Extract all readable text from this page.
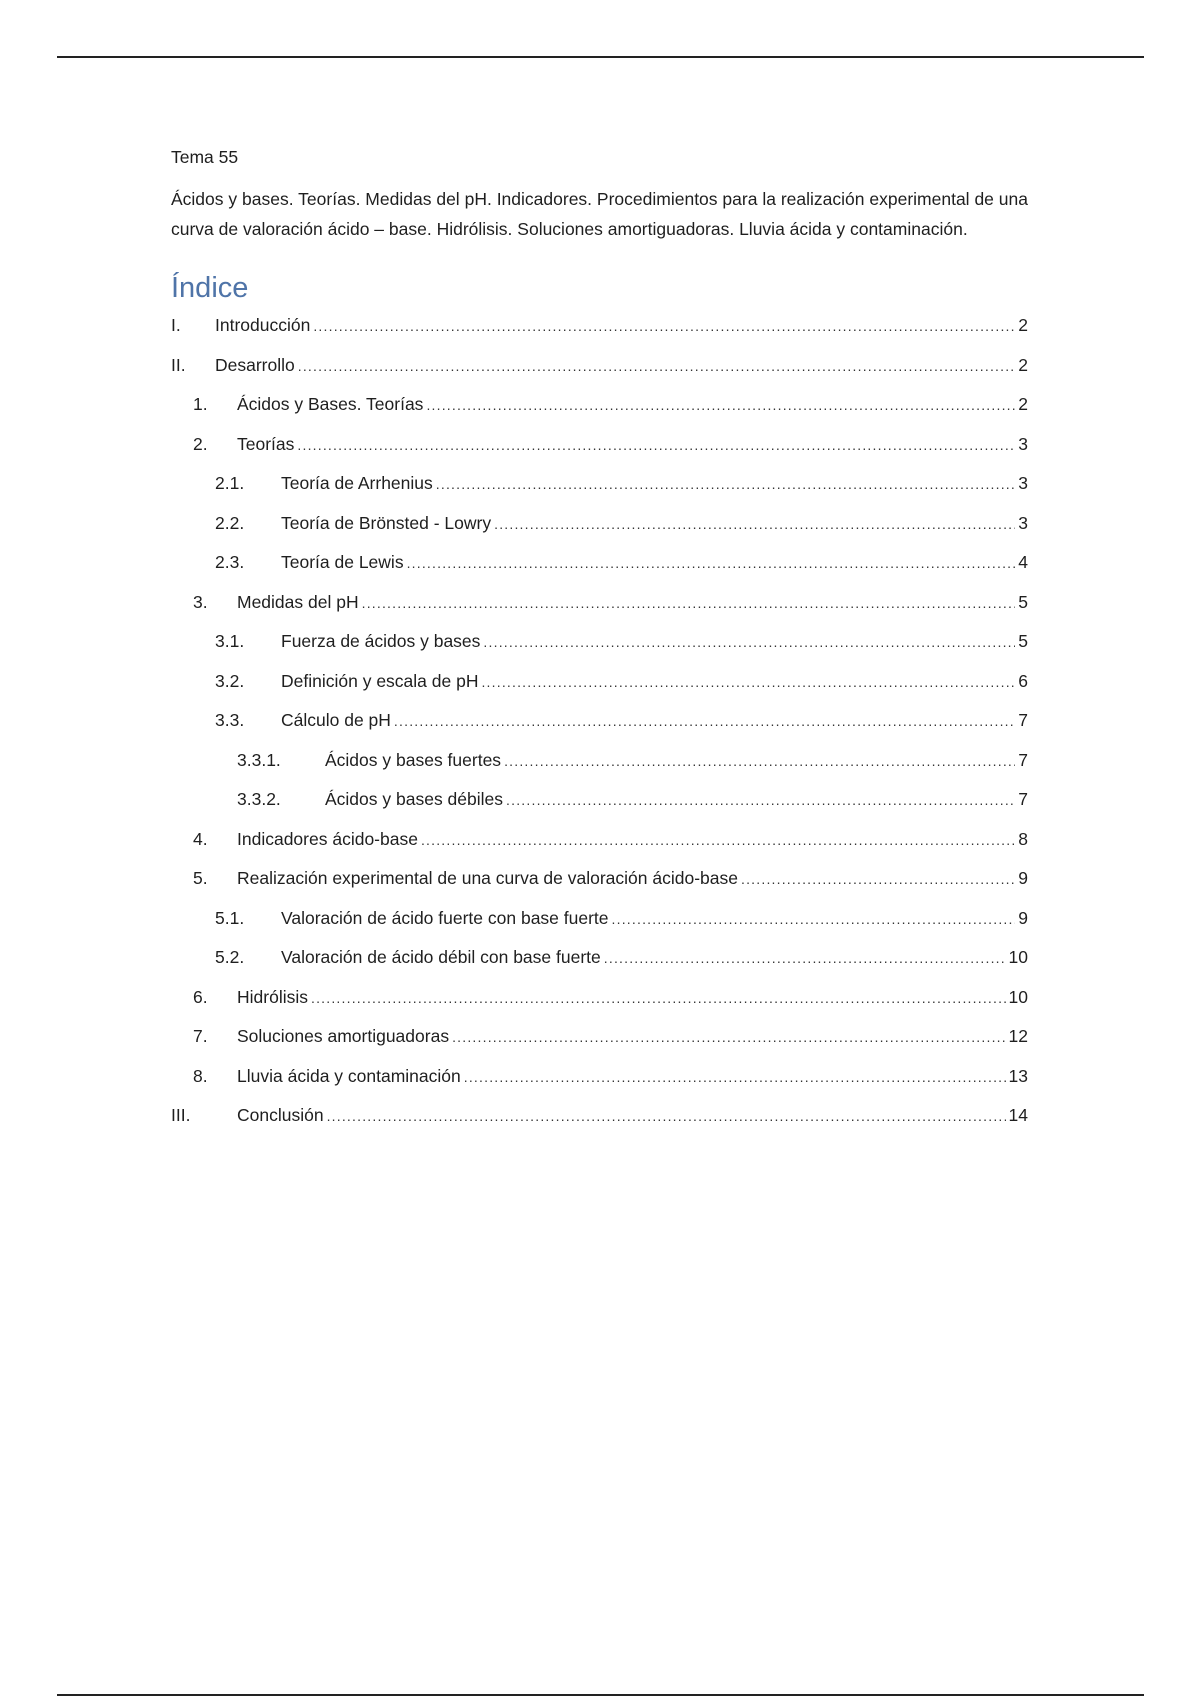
Tema 55

Ácidos y bases. Teorías. Medidas del pH. Indicadores. Procedimientos para la realización experimental de una curva de valoración ácido – base. Hidrólisis. Soluciones amortiguadoras. Lluvia ácida y contaminación.

Índice
I.	Introducción .....	2
II.	Desarrollo .....	2
1.	Ácidos y Bases. Teorías .....	2
2.	Teorías .....	3
2.1.	Teoría de Arrhenius .....	3
2.2.	Teoría de Brönsted - Lowry .....	3
2.3.	Teoría de Lewis .....	4
3.	Medidas del pH .....	5
3.1.	Fuerza de ácidos y bases .....	5
3.2.	Definición y escala de pH .....	6
3.3.	Cálculo de pH .....	7
3.3.1.	Ácidos y bases fuertes .....	7
3.3.2.	Ácidos y bases débiles .....	7
4.	Indicadores ácido-base .....	8
5.	Realización experimental de una curva de valoración ácido-base .....	9
5.1.	Valoración de ácido fuerte con base fuerte .....	9
5.2.	Valoración de ácido débil con base fuerte .....	10
6.	Hidrólisis .....	10
7.	Soluciones amortiguadoras .....	12
8.	Lluvia ácida y contaminación .....	13
III.	Conclusión .....	14
